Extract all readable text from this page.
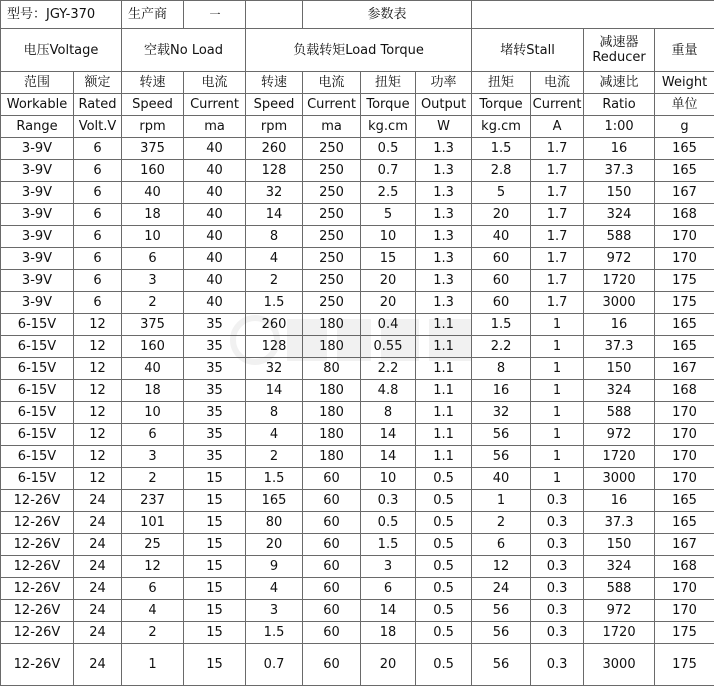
型号：JGY-370		生产商	一		参数表						
电压Voltage		空载No Load		负载转矩Load Torque				堵转Stall		减速器
Reducer	重量
范围	额定	转速	电流	转速	电流	扭矩	功率	扭矩	电流	减速比	Weight
Workable	Rated	Speed	Current	Speed	Current	Torque	Output	Torque	Current	Ratio	单位
Range	Volt.V	rpm	ma	rpm	ma	kg.cm	W	kg.cm	A	1:00	g
3-9V	6	375	40	260	250	0.5	1.3	1.5	1.7	16	165
3-9V	6	160	40	128	250	0.7	1.3	2.8	1.7	37.3	165
3-9V	6	40	40	32	250	2.5	1.3	5	1.7	150	167
3-9V	6	18	40	14	250	5	1.3	20	1.7	324	168
3-9V	6	10	40	8	250	10	1.3	40	1.7	588	170
3-9V	6	6	40	4	250	15	1.3	60	1.7	972	170
3-9V	6	3	40	2	250	20	1.3	60	1.7	1720	175
3-9V	6	2	40	1.5	250	20	1.3	60	1.7	3000	175
6-15V	12	375	35	260	180	0.4	1.1	1.5	1	16	165
6-15V	12	160	35	128	180	0.55	1.1	2.2	1	37.3	165
6-15V	12	40	35	32	80	2.2	1.1	8	1	150	167
6-15V	12	18	35	14	180	4.8	1.1	16	1	324	168
6-15V	12	10	35	8	180	8	1.1	32	1	588	170
6-15V	12	6	35	4	180	14	1.1	56	1	972	170
6-15V	12	3	35	2	180	14	1.1	56	1	1720	170
6-15V	12	2	15	1.5	60	10	0.5	40	1	3000	170
12-26V	24	237	15	165	60	0.3	0.5	1	0.3	16	165
12-26V	24	101	15	80	60	0.5	0.5	2	0.3	37.3	165
12-26V	24	25	15	20	60	1.5	0.5	6	0.3	150	167
12-26V	24	12	15	9	60	3	0.5	12	0.3	324	168
12-26V	24	6	15	4	60	6	0.5	24	0.3	588	170
12-26V	24	4	15	3	60	14	0.5	56	0.3	972	170
12-26V	24	2	15	1.5	60	18	0.5	56	0.3	1720	175
12-26V	24	1	15	0.7	60	20	0.5	56	0.3	3000	175
